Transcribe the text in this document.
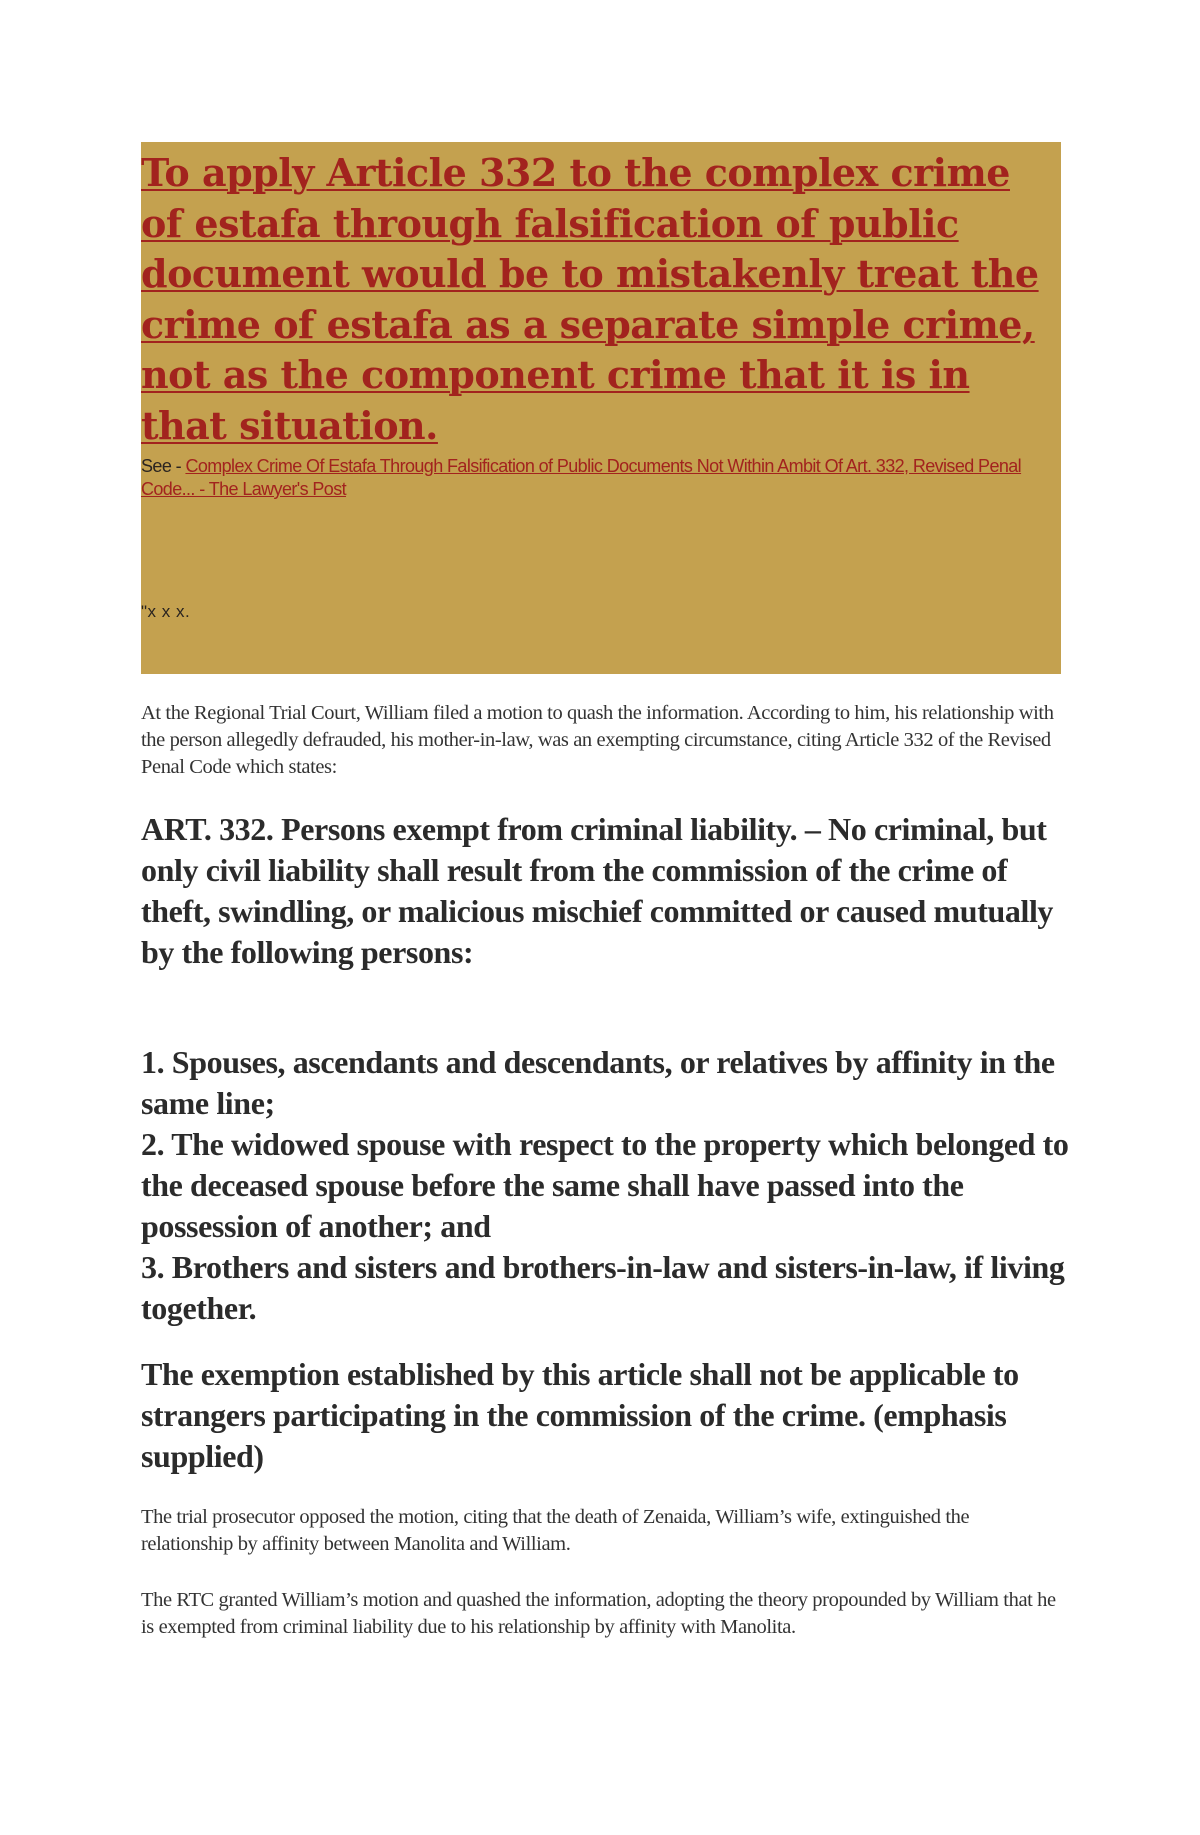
To apply Article 332 to the complex crime of estafa through falsification of public document would be to mistakenly treat the crime of estafa as a separate simple crime, not as the component crime that it is in that situation.

See - Complex Crime Of Estafa Through Falsification of Public Documents Not Within Ambit Of Art. 332, Revised Penal Code... - The Lawyer's Post

"x x x.

At the Regional Trial Court, William filed a motion to quash the information. According to him, his relationship with the person allegedly defrauded, his mother-in-law, was an exempting circumstance, citing Article 332 of the Revised Penal Code which states:

ART. 332. Persons exempt from criminal liability. – No criminal, but only civil liability shall result from the commission of the crime of theft, swindling, or malicious mischief committed or caused mutually by the following persons:

1. Spouses, ascendants and descendants, or relatives by affinity in the same line;
2. The widowed spouse with respect to the property which belonged to the deceased spouse before the same shall have passed into the possession of another; and
3. Brothers and sisters and brothers-in-law and sisters-in-law, if living together.

The exemption established by this article shall not be applicable to strangers participating in the commission of the crime. (emphasis supplied)

The trial prosecutor opposed the motion, citing that the death of Zenaida, William’s wife, extinguished the relationship by affinity between Manolita and William.

The RTC granted William’s motion and quashed the information, adopting the theory propounded by William that he is exempted from criminal liability due to his relationship by affinity with Manolita.
